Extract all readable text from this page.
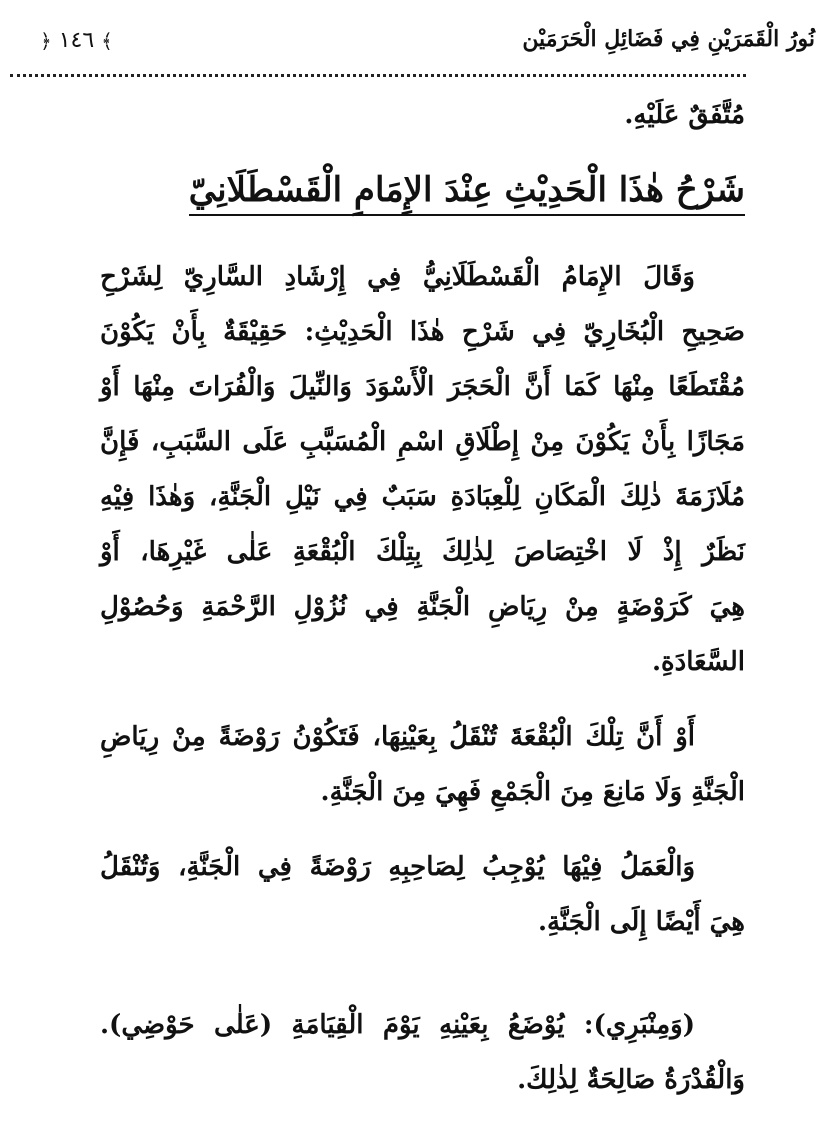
﴾ ١٤٦ ﴿	نُورُ الْقَمَرَيْنِ فِي فَضَائِلِ الْحَرَمَيْن
مُتَّفَقٌ عَلَيْهِ.
شَرْحُ هٰذَا الْحَدِيْثِ عِنْدَ الإِمَامِ الْقَسْطَلَانِيّ
وَقَالَ الإِمَامُ الْقَسْطَلَانِيُّ فِي إِرْشَادِ السَّارِيّ لِشَرْحِ
صَحِيحِ الْبُخَارِيّ فِي شَرْحِ هٰذَا الْحَدِيْثِ: حَقِيْقَةٌ بِأَنْ يَكُوْنَ
مُقْتَطَعًا مِنْهَا كَمَا أَنَّ الْحَجَرَ الْأَسْوَدَ وَالنِّيلَ وَالْفُرَاتَ مِنْهَا أَوْ
مَجَازًا بِأَنْ يَكُوْنَ مِنْ إِطْلَاقِ اسْمِ الْمُسَبَّبِ عَلَى السَّبَبِ، فَإِنَّ
مُلَازَمَةَ ذٰلِكَ الْمَكَانِ لِلْعِبَادَةِ سَبَبٌ فِي نَيْلِ الْجَنَّةِ، وَهٰذَا فِيْهِ
نَظَرٌ إِذْ لَا اخْتِصَاصَ لِذٰلِكَ بِتِلْكَ الْبُقْعَةِ عَلٰى غَيْرِهَا، أَوْ
هِيَ كَرَوْضَةٍ مِنْ رِيَاضِ الْجَنَّةِ فِي نُزُوْلِ الرَّحْمَةِ وَحُصُوْلِ
السَّعَادَةِ.
أَوْ أَنَّ تِلْكَ الْبُقْعَةَ تُنْقَلُ بِعَيْنِهَا، فَتَكُوْنُ رَوْضَةً مِنْ رِيَاضِ
الْجَنَّةِ وَلَا مَانِعَ مِنَ الْجَمْعِ فَهِيَ مِنَ الْجَنَّةِ.
وَالْعَمَلُ فِيْهَا يُوْجِبُ لِصَاحِبِهِ رَوْضَةً فِي الْجَنَّةِ، وَتُنْقَلُ
هِيَ أَيْضًا إِلَى الْجَنَّةِ.
(وَمِنْبَرِي): يُوْضَعُ بِعَيْنِهِ يَوْمَ الْقِيَامَةِ (عَلٰى حَوْضِي).
وَالْقُدْرَةُ صَالِحَةٌ لِذٰلِكَ.
